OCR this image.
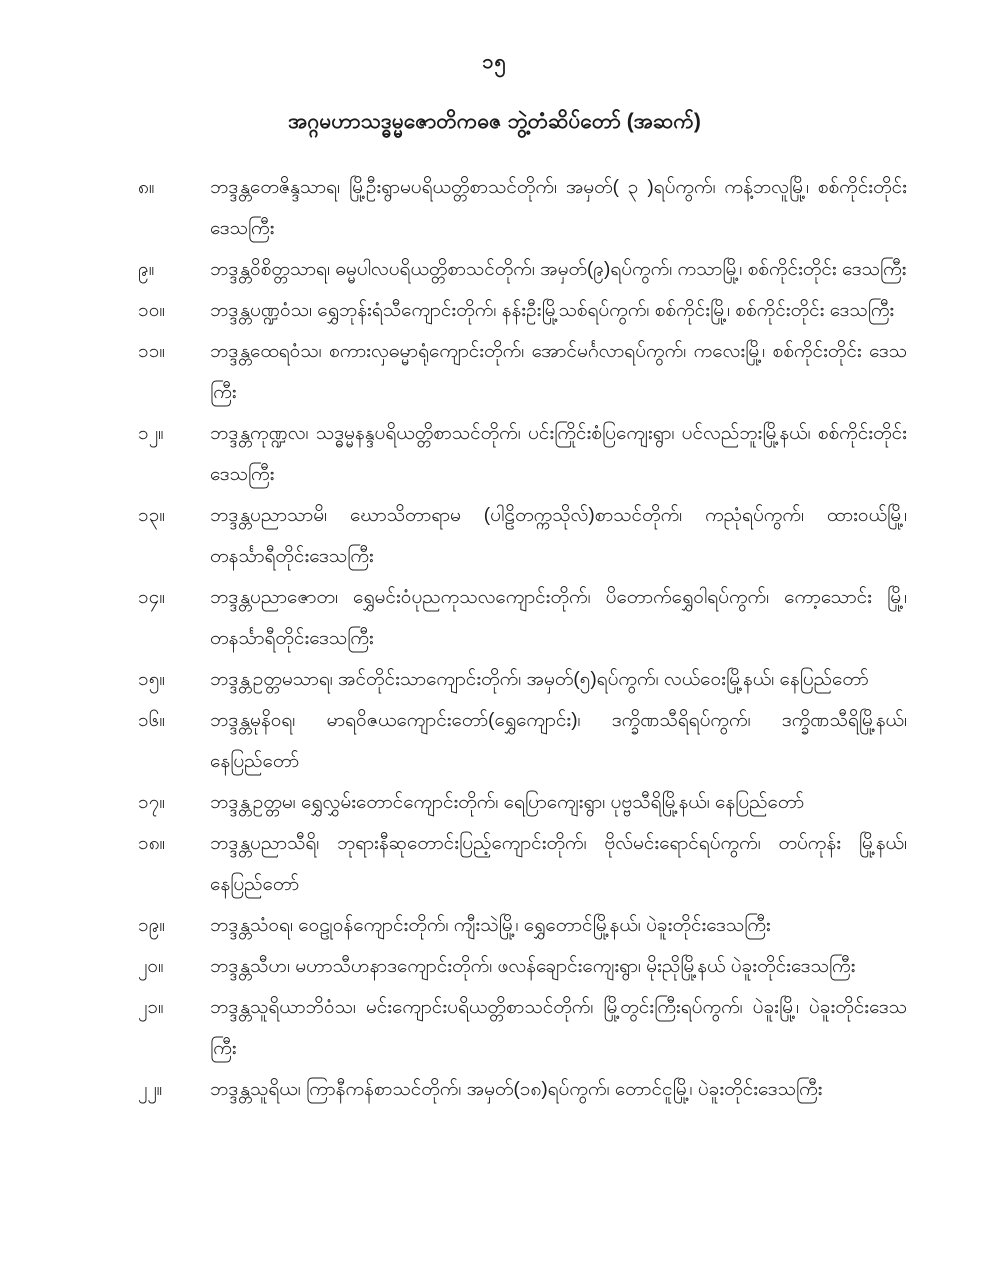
၁၅
အဂ္ဂမဟာသဒ္ဓမ္မဇောတိကဓဇ ဘွဲ့တံဆိပ်တော် (အဆက်)
၈။	ဘဒ္ဒန္တတေဇိန္ဒသာရ၊ မြို့ဦးရွာမပရိယတ္တိစာသင်တိုက်၊ အမှတ်( ၃ )ရပ်ကွက်၊ ကန့်ဘလူမြို့၊ စစ်ကိုင်းတိုင်းဒေသကြီး
၉။	ဘဒ္ဒန္တဝိစိတ္တသာရ၊ ဓမ္မပါလပရိယတ္တိစာသင်တိုက်၊ အမှတ်(၉)ရပ်ကွက်၊ ကသာမြို့၊ စစ်ကိုင်းတိုင်း ဒေသကြီး
၁၀။	ဘဒ္ဒန္တပဏ္ဍဝံသ၊ ရွှေဘုန်းရံသီကျောင်းတိုက်၊ နန်းဦးမြို့သစ်ရပ်ကွက်၊ စစ်ကိုင်းမြို့၊ စစ်ကိုင်းတိုင်း ဒေသကြီး
၁၁။	ဘဒ္ဒန္တထေရဝံသ၊ စကားလှဓမ္မာရုံကျောင်းတိုက်၊ အောင်မင်္ဂလာရပ်ကွက်၊ ကလေးမြို့၊ စစ်ကိုင်းတိုင်း ဒေသကြီး
၁၂။	ဘဒ္ဒန္တကုဏ္ဍလ၊ သဒ္ဓမ္မနန္ဒပရိယတ္တိစာသင်တိုက်၊ ပင်းကြိုင်းစံပြကျေးရွာ၊ ပင်လည်ဘူးမြို့နယ်၊ စစ်ကိုင်းတိုင်းဒေသကြီး
၁၃။	ဘဒ္ဒန္တပညာသာမိ၊ ဃောသိတာရာမ (ပါဠိတက္ကသိုလ်)စာသင်တိုက်၊ ကညုံရပ်ကွက်၊ ထားဝယ်မြို့၊ တနင်္သာရီတိုင်းဒေသကြီး
၁၄။	ဘဒ္ဒန္တပညာဇောတ၊ ရွှေမင်းဝံပုညကုသလကျောင်းတိုက်၊ ပိတောက်ရွှေဝါရပ်ကွက်၊ ကော့သောင်း မြို့၊ တနင်္သာရီတိုင်းဒေသကြီး
၁၅။	ဘဒ္ဒန္တဥတ္တမသာရ၊ အင်တိုင်းသာကျောင်းတိုက်၊ အမှတ်(၅)ရပ်ကွက်၊ လယ်ဝေးမြို့နယ်၊ နေပြည်တော်
၁၆။	ဘဒ္ဒန္တမုနိဝရ၊ မာရဝိဇယကျောင်းတော်(ရွှေကျောင်း)၊ ဒက္ခိဏသီရိရပ်ကွက်၊ ဒက္ခိဏသီရိမြို့နယ်၊ နေပြည်တော်
၁၇။	ဘဒ္ဒန္တဥတ္တမ၊ ရွှေလွှမ်းတောင်ကျောင်းတိုက်၊ ရေပြာကျေးရွာ၊ ပုဗ္ဗသီရိမြို့နယ်၊ နေပြည်တော်
၁၈။	ဘဒ္ဒန္တပညာသီရိ၊ ဘုရားနီဆုတောင်းပြည့်ကျောင်းတိုက်၊ ဗိုလ်မင်းရောင်ရပ်ကွက်၊ တပ်ကုန်း မြို့နယ်၊ နေပြည်တော်
၁၉။	ဘဒ္ဒန္တသံဝရ၊ ဝေဠုဝန်ကျောင်းတိုက်၊ ကျီးသဲမြို့၊ ရွှေတောင်မြို့နယ်၊ ပဲခူးတိုင်းဒေသကြီး
၂၀။	ဘဒ္ဒန္တသီဟ၊ မဟာသီဟနာဒကျောင်းတိုက်၊ ဖလန်ချောင်းကျေးရွာ၊ မိုးညိုမြို့နယ် ပဲခူးတိုင်းဒေသကြီး
၂၁။	ဘဒ္ဒန္တသူရိယာဘိဝံသ၊ မင်းကျောင်းပရိယတ္တိစာသင်တိုက်၊ မြို့တွင်းကြီးရပ်ကွက်၊ ပဲခူးမြို့၊ ပဲခူးတိုင်းဒေသကြီး
၂၂။	ဘဒ္ဒန္တသူရိယ၊ ကြာနီကန်စာသင်တိုက်၊ အမှတ်(၁၈)ရပ်ကွက်၊ တောင်ငူမြို့၊ ပဲခူးတိုင်းဒေသကြီး
